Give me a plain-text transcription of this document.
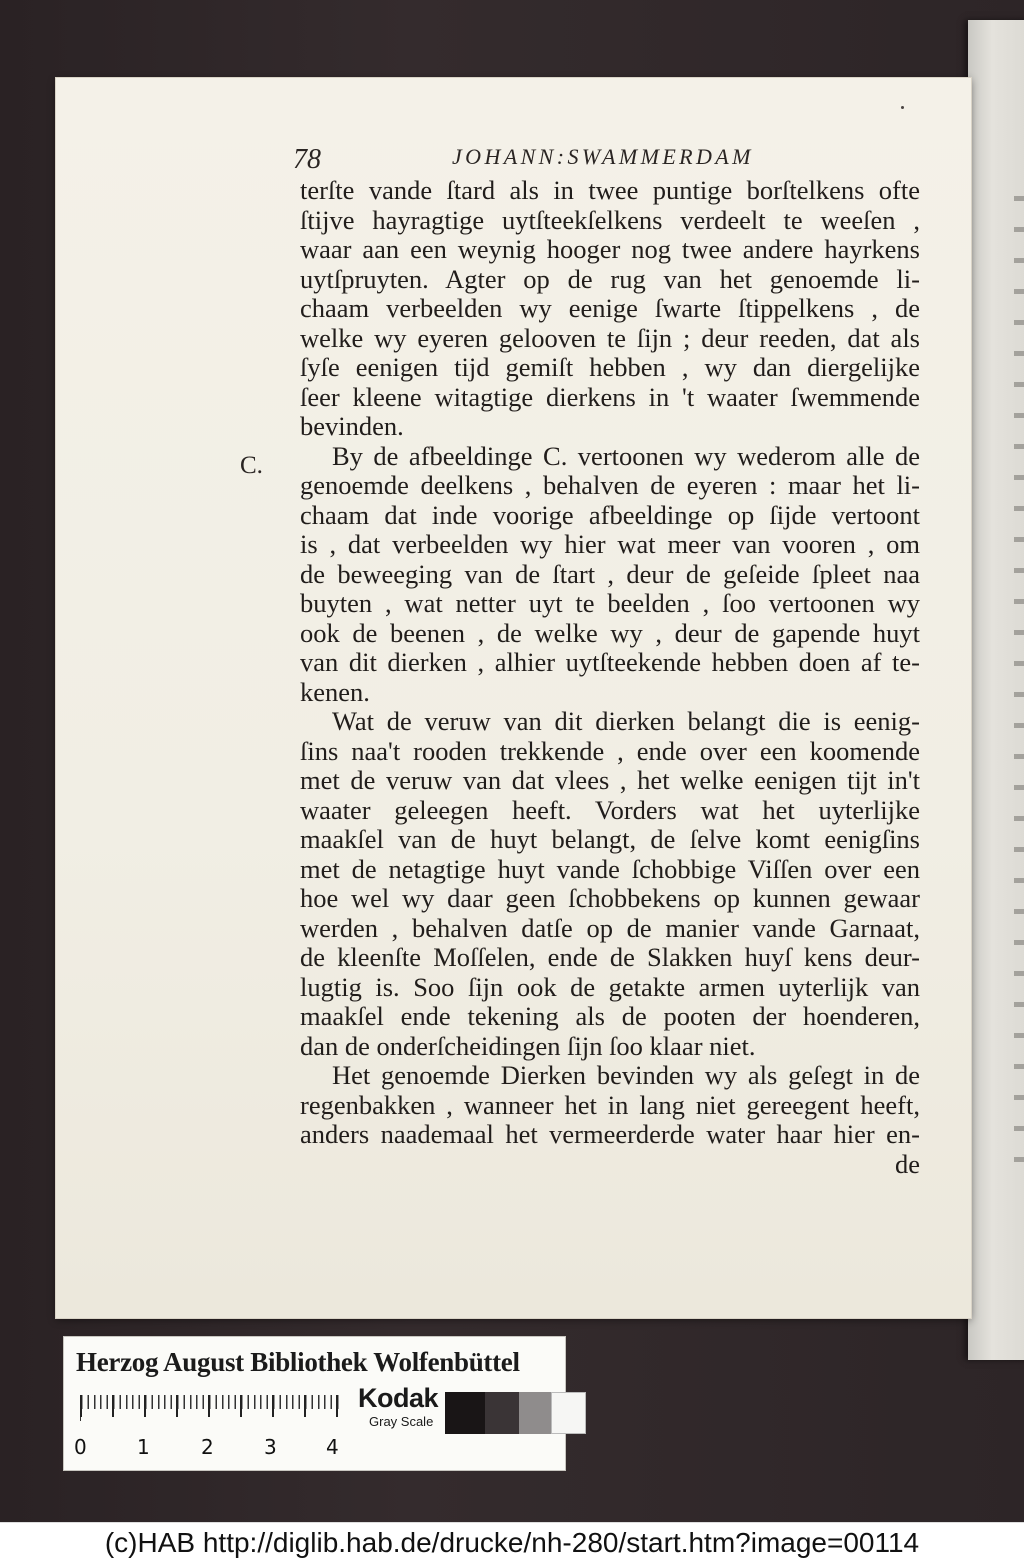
78	JOHANN:SWAMMERDAM
C.
terſte vande ſtard als in twee puntige borſtelkens ofte
ſtijve hayragtige uytſteekſelkens verdeelt te weeſen ,
waar aan een weynig hooger nog twee andere hayrkens
uytſpruyten. Agter op de rug van het genoemde li-
chaam verbeelden wy eenige ſwarte ſtippelkens , de
welke wy eyeren gelooven te ſijn ; deur reeden, dat als
ſyſe eenigen tijd gemiſt hebben , wy dan diergelijke
ſeer kleene witagtige dierkens in 't waater ſwemmende
bevinden.
By de afbeeldinge C. vertoonen wy wederom alle de
genoemde deelkens , behalven de eyeren : maar het li-
chaam dat inde voorige afbeeldinge op ſijde vertoont
is , dat verbeelden wy hier wat meer van vooren , om
de beweeging van de ſtart , deur de geſeide ſpleet naa
buyten , wat netter uyt te beelden , ſoo vertoonen wy
ook de beenen , de welke wy , deur de gapende huyt
van dit dierken , alhier uytſteekende hebben doen af te-
kenen.
Wat de veruw van dit dierken belangt die is eenig-
ſins naa't rooden trekkende , ende over een koomende
met de veruw van dat vlees , het welke eenigen tijt in't
waater geleegen heeft. Vorders wat het uyterlijke
maakſel van de huyt belangt, de ſelve komt eenigſins
met de netagtige huyt vande ſchobbige Viſſen over een
hoe wel wy daar geen ſchobbekens op kunnen gewaar
werden , behalven datſe op de manier vande Garnaat,
de kleenſte Moſſelen, ende de Slakken huyſ kens deur-
lugtig is. Soo ſijn ook de getakte armen uyterlijk van
maakſel ende tekening als de pooten der hoenderen,
dan de onderſcheidingen ſijn ſoo klaar niet.
Het genoemde Dierken bevinden wy als geſegt in de
regenbakken , wanneer het in lang niet gereegent heeft,
anders naademaal het vermeerderde water haar hier en-
de
Herzog August Bibliothek Wolfenbüttel
0	1	2	3 4
Kodak
Gray Scale
(c)HAB http://diglib.hab.de/drucke/nh-280/start.htm?image=00114
